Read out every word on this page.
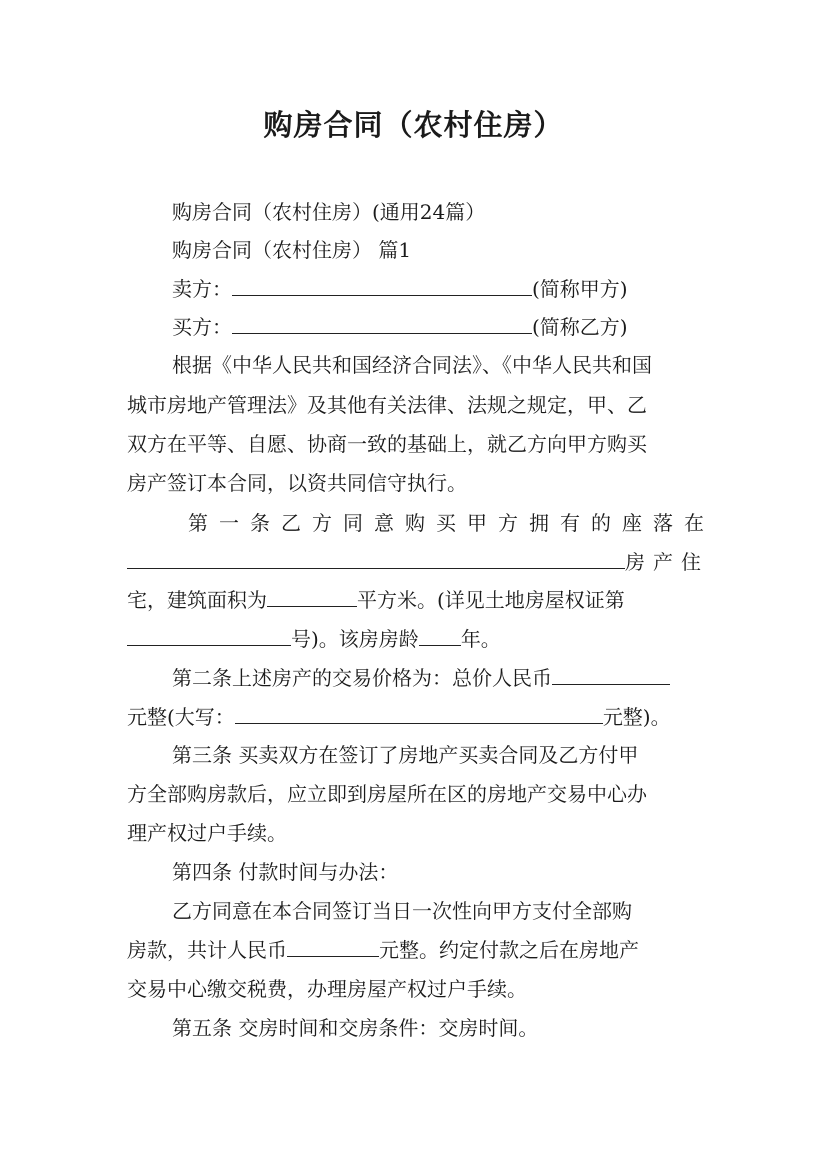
购房合同（农村住房）
购房合同（农村住房）(通用24篇）
购房合同（农村住房） 篇1
卖方：	(简称甲方)
买方：	(简称乙方)
根据《中华人民共和国经济合同法》、《中华人民共和国
城市房地产管理法》及其他有关法律、法规之规定，甲、乙
双方在平等、自愿、协商一致的基础上，就乙方向甲方购买
房产签订本合同，以资共同信守执行。
第一条乙方同意购买甲方拥有的座落在
房产住
宅，建筑面积为	平方米。(详见土地房屋权证第
号)。该房房龄 年。
第二条上述房产的交易价格为：总价人民币
元整(大写：	元整)。
第三条 买卖双方在签订了房地产买卖合同及乙方付甲
方全部购房款后，应立即到房屋所在区的房地产交易中心办
理产权过户手续。
第四条 付款时间与办法：
乙方同意在本合同签订当日一次性向甲方支付全部购
房款，共计人民币	元整。约定付款之后在房地产
交易中心缴交税费，办理房屋产权过户手续。
第五条 交房时间和交房条件：交房时间。
